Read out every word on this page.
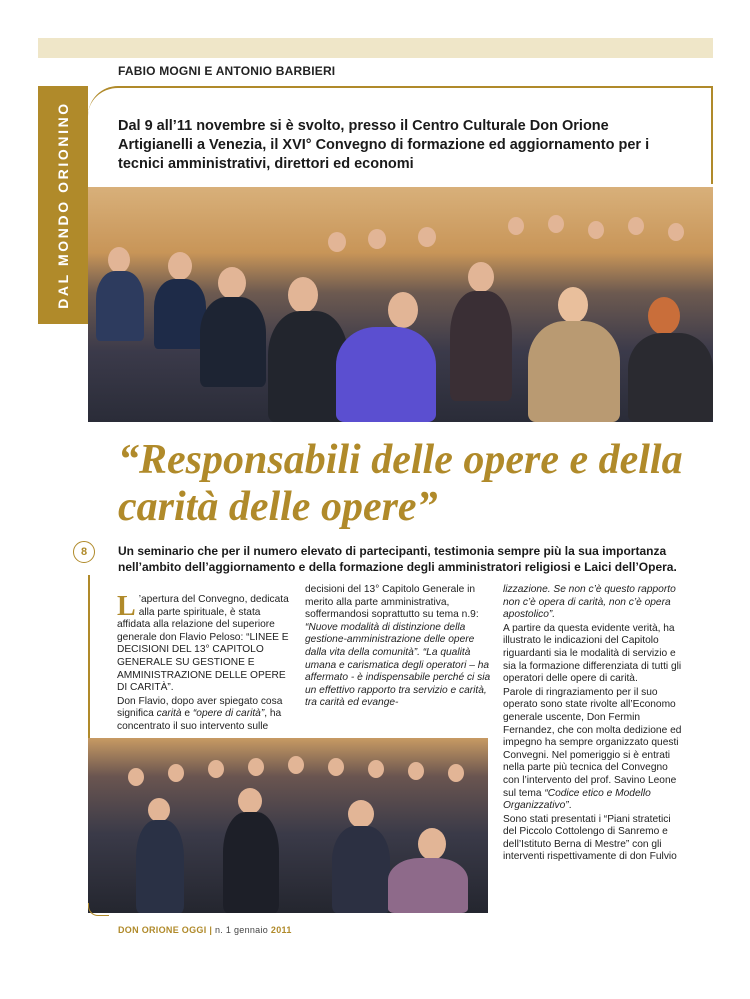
DAL MONDO ORIONINO
FABIO MOGNI E ANTONIO BARBIERI
Dal 9 all’11 novembre si è svolto, presso il Centro Culturale Don Orione Artigianelli a Venezia, il XVI° Convegno di formazione ed aggiornamento per i tecnici amministrativi, direttori ed economi
“Responsabili delle opere e della carità delle opere”
8	Un seminario che per il numero elevato di partecipanti, testimonia sempre più la sua importanza nell’ambito dell’aggiornamento e della formazione degli amministratori religiosi e Laici dell’Opera.

L ’apertura del Convegno, dedicata alla parte spirituale, è stata affidata alla relazione del superiore generale don Flavio Peloso: “LINEE E DECISIONI DEL 13° CAPITOLO GENERALE SU GESTIONE E AMMINISTRAZIONE DELLE OPERE DI CARITÀ”.

Don Flavio, dopo aver spiegato cosa significa carità e “opere di carità”, ha concentrato il suo intervento sulle

decisioni del 13° Capitolo Generale in merito alla parte amministrativa, soffermandosi soprattutto su tema n.9: “Nuove modalità di distinzione della gestione-amministrazione delle opere dalla vita della comunità”. “La qualità umana e carismatica degli operatori – ha affermato - è indispensabile perché ci sia un effettivo rapporto tra servizio e carità, tra carità ed evange-

lizzazione. Se non c’è questo rapporto non c’è opera di carità, non c’è opera apostolico”.

A partire da questa evidente verità, ha illustrato le indicazioni del Capitolo riguardanti sia le modalità di servizio e sia la formazione differenziata di tutti gli operatori delle opere di carità.

Parole di ringraziamento per il suo operato sono state rivolte all’Economo generale uscente, Don Fermin Fernandez, che con molta dedizione ed impegno ha sempre organizzato questi Convegni. Nel pomeriggio si è entrati nella parte più tecnica del Convegno con l’intervento del prof. Savino Leone sul tema “Codice etico e Modello Organizzativo”.

Sono stati presentati i “Piani stratetici del Piccolo Cottolengo di Sanremo e dell’Istituto Berna di Mestre” con gli interventi rispettivamente di don Fulvio

DON ORIONE OGGI | n. 1 gennaio 2011
